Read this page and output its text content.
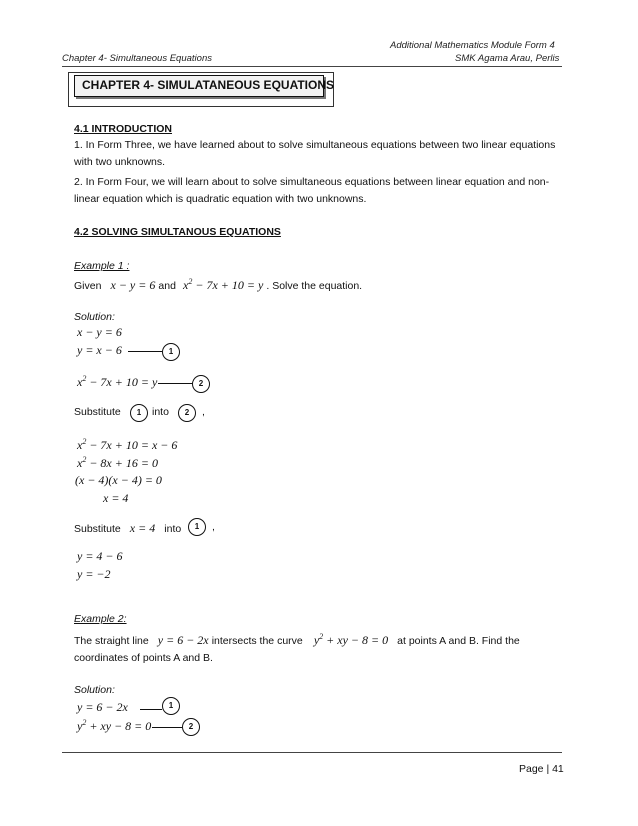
Additional Mathematics Module Form 4
Chapter 4- Simultaneous Equations	SMK Agama Arau, Perlis
CHAPTER 4- SIMULATANEOUS EQUATIONS
4.1 INTRODUCTION
1. In Form Three, we have learned about to solve simultaneous equations between two linear equations
with two unknowns.
2. In Form Four, we will learn about to solve simultaneous equations between linear equation and non-
linear equation which is quadratic equation with two unknowns.
4.2 SOLVING SIMULTANOUS EQUATIONS
Example 1 :
Given x − y = 6 and $x^2 - 7x + 10 = y$ . Solve the equation.
Solution:
x − y = 6
y = x − 6	1
$x^2 - 7x + 10 = y$	2
Substitute	1	into	2	,
$x^2 - 7x + 10 = x - 6$
$x^2 - 8x + 16 = 0$
(x − 4)(x − 4) = 0
x = 4
Substitute x = 4 into	1	,
y = 4 − 6
y = −2
Example 2:
The straight line y = 6 − 2x intersects the curve $y^2$ + xy − 8 = 0 at points A and B. Find the
coordinates of points A and B.
Solution:
y = 6 − 2x	1
$y^2$ + xy − 8 = 0	2
Page | 41
